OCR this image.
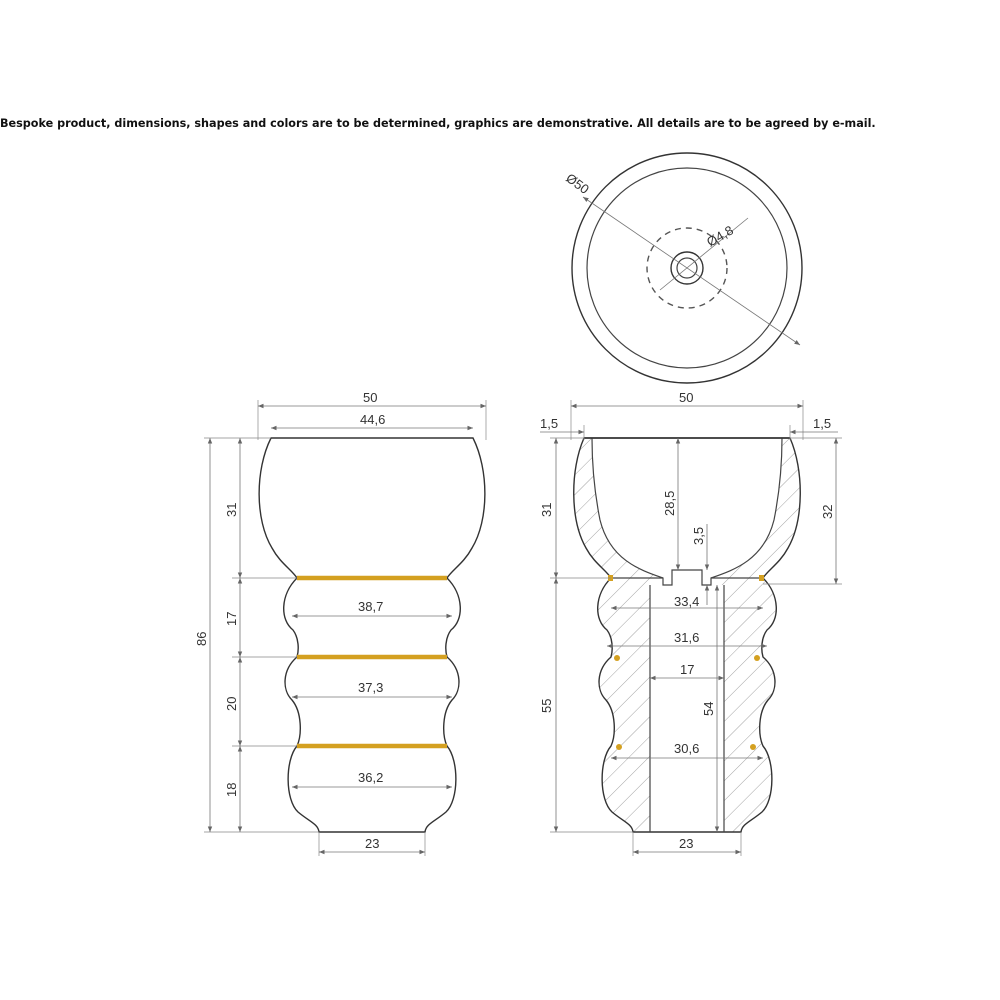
Bespoke product, dimensions, shapes and colors are to be determined, graphics are demonstrative. All details are to be agreed by e-mail.
Ø50
Ø4,8
50
44,6
86
31
17
20
18
38,7
37,3
36,2
23
50
1,5	1,5
31	28,5
3,5
32
33,4
31,6
17
55	54
30,6
23
